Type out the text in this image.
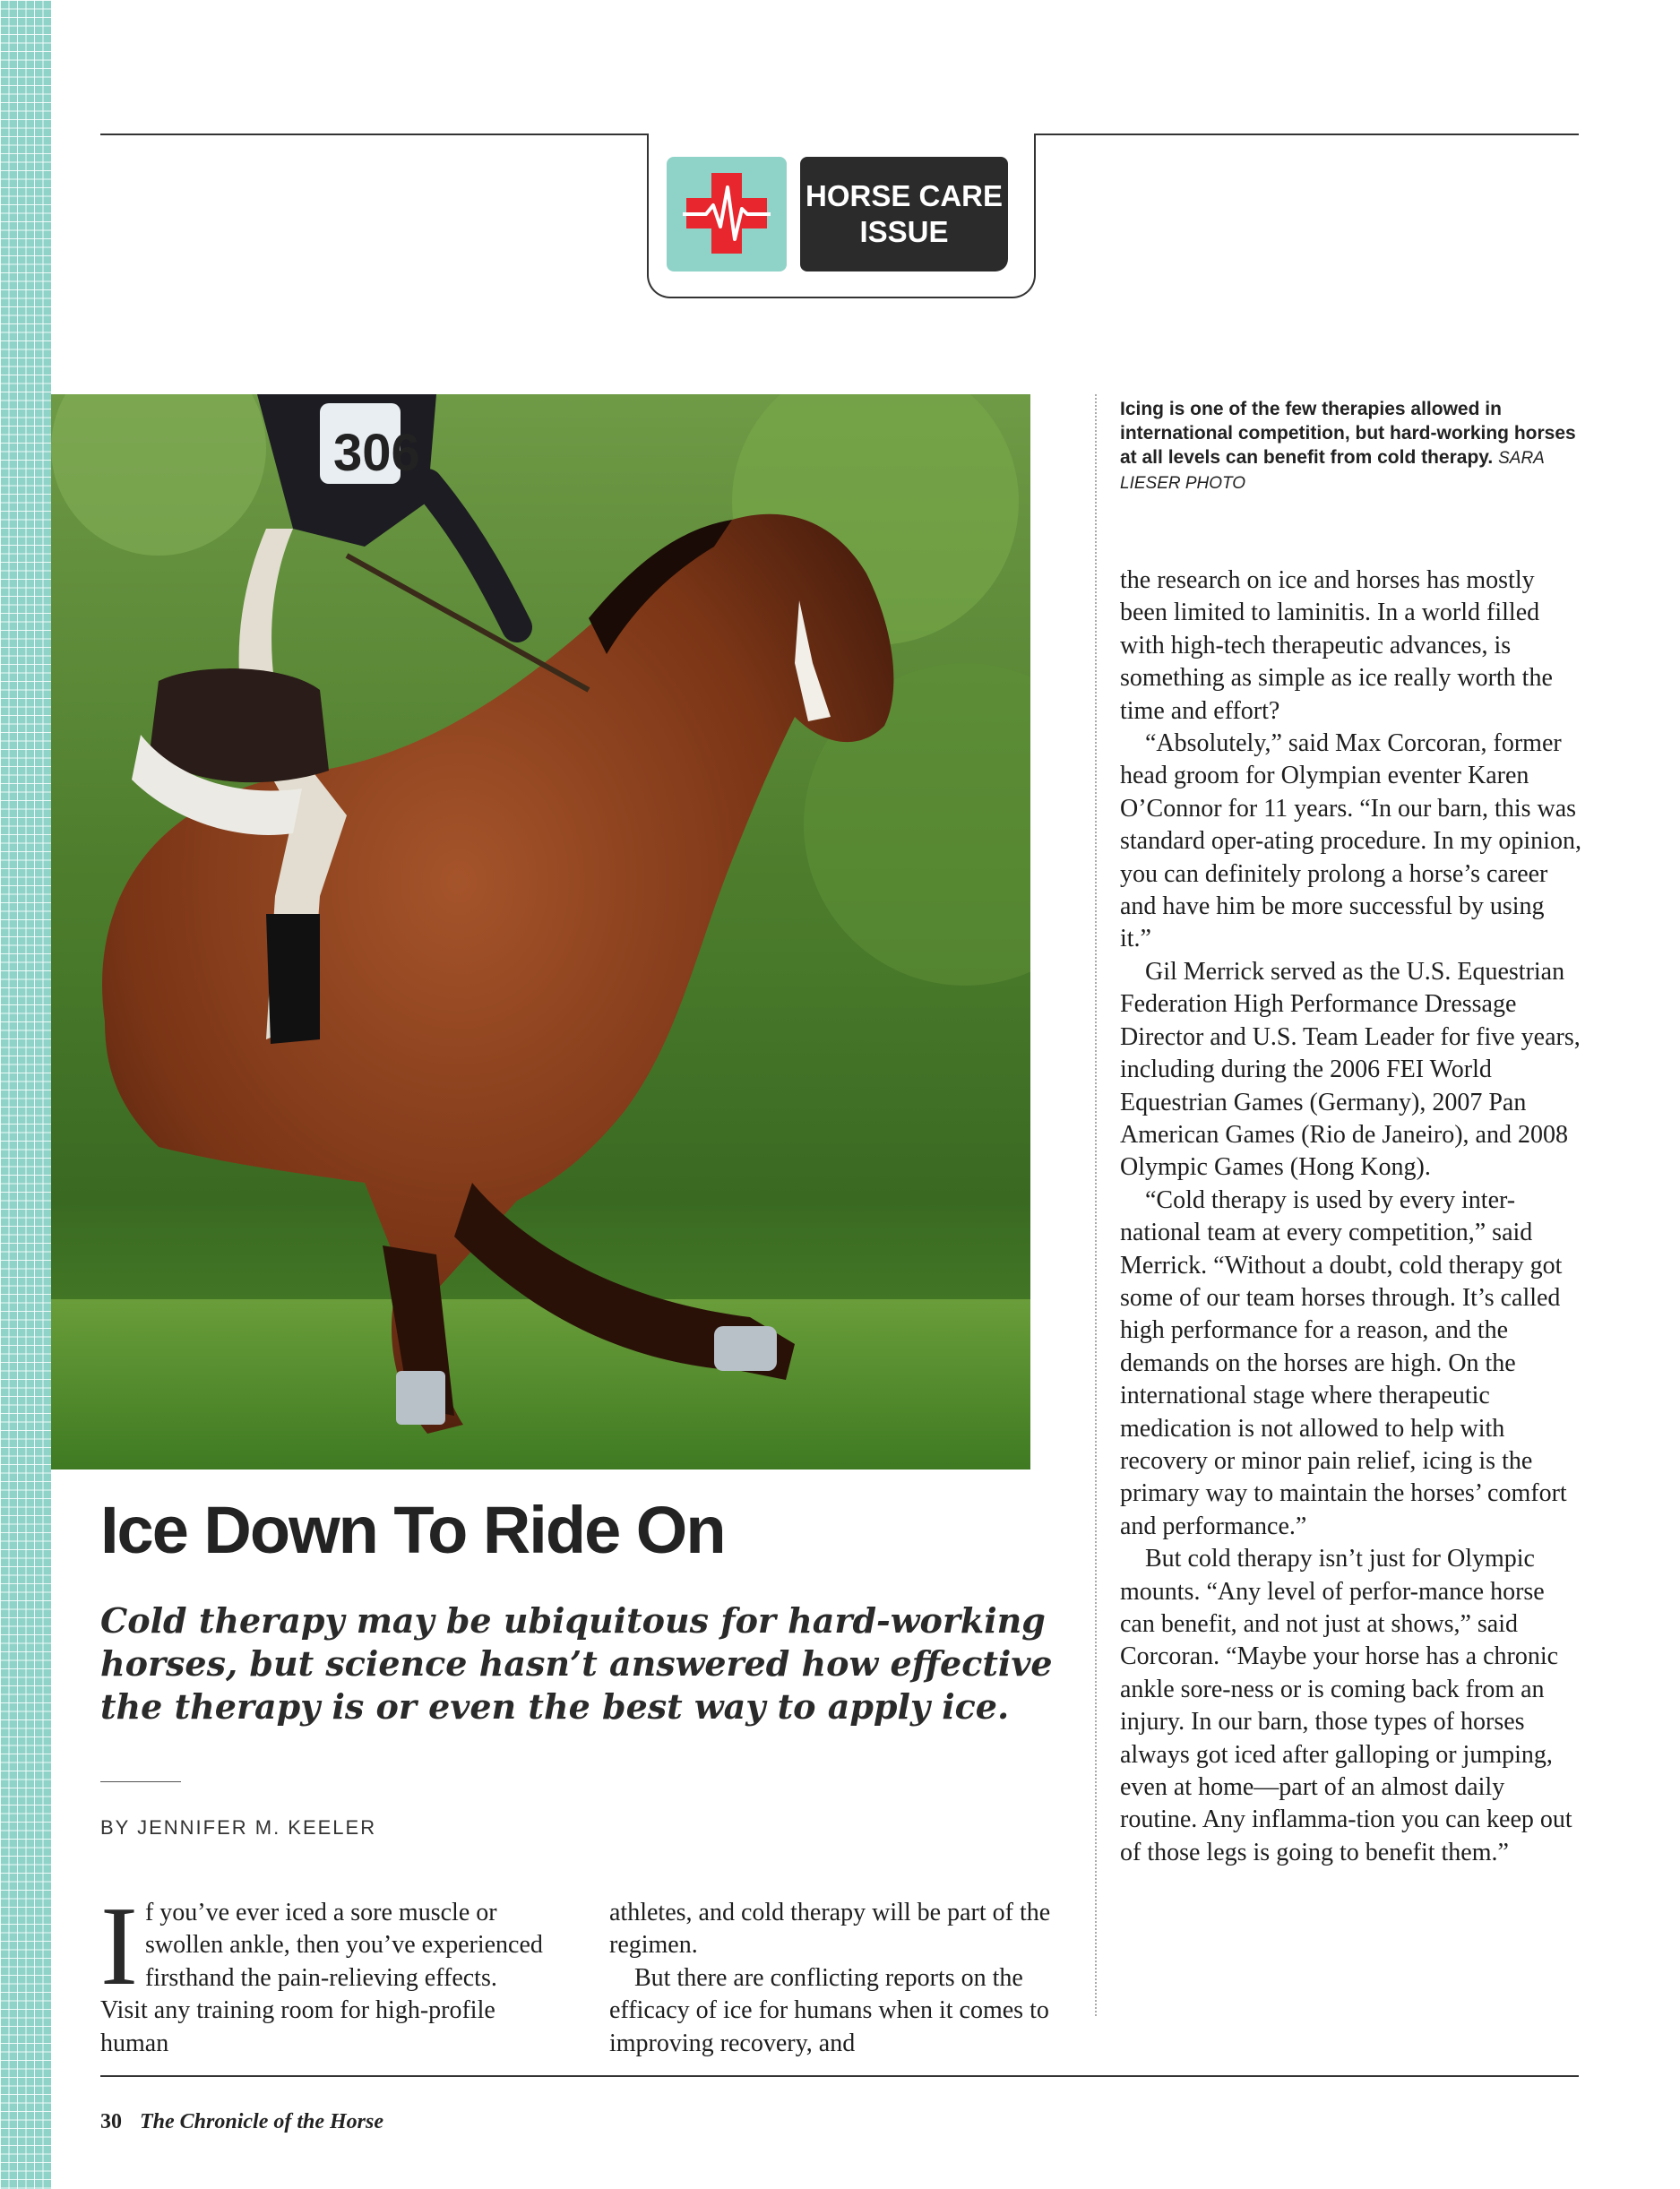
HORSE CARE
ISSUE
306
Icing is one of the few therapies allowed in international competition, but hard-working horses at all levels can benefit from cold therapy. SARA LIESER PHOTO
Ice Down To Ride On

Cold therapy may be ubiquitous for hard-working horses, but science hasn’t answered how effective the therapy is or even the best way to apply ice.

BY JENNIFER M. KEELER

If you’ve ever iced a sore muscle or swollen ankle, then you’ve experienced firsthand the pain-relieving effects. Visit any training room for high-profile human

athletes, and cold therapy will be part of the regimen.

But there are conflicting reports on the efficacy of ice for humans when it comes to improving recovery, and

the research on ice and horses has mostly been limited to laminitis. In a world filled with high-tech therapeutic advances, is something as simple as ice really worth the time and effort?

“Absolutely,” said Max Corcoran, former head groom for Olympian eventer Karen O’Connor for 11 years. “In our barn, this was standard oper-ating procedure. In my opinion, you can definitely prolong a horse’s career and have him be more successful by using it.”

Gil Merrick served as the U.S. Equestrian Federation High Performance Dressage Director and U.S. Team Leader for five years, including during the 2006 FEI World Equestrian Games (Germany), 2007 Pan American Games (Rio de Janeiro), and 2008 Olympic Games (Hong Kong).

“Cold therapy is used by every inter-national team at every competition,” said Merrick. “Without a doubt, cold therapy got some of our team horses through. It’s called high performance for a reason, and the demands on the horses are high. On the international stage where therapeutic medication is not allowed to help with recovery or minor pain relief, icing is the primary way to maintain the horses’ comfort and performance.”

But cold therapy isn’t just for Olympic mounts. “Any level of perfor-mance horse can benefit, and not just at shows,” said Corcoran. “Maybe your horse has a chronic ankle sore-ness or is coming back from an injury. In our barn, those types of horses always got iced after galloping or jumping, even at home—part of an almost daily routine. Any inflamma-tion you can keep out of those legs is going to benefit them.”

30 The Chronicle of the Horse
